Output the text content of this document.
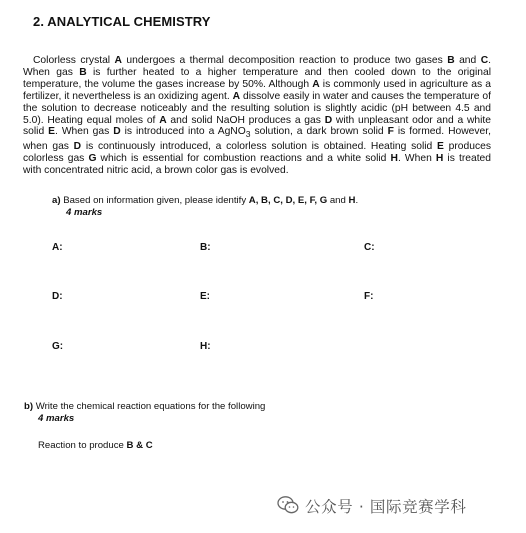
2. ANALYTICAL CHEMISTRY

Colorless crystal A undergoes a thermal decomposition reaction to produce two gases B and C. When gas B is further heated to a higher temperature and then cooled down to the original temperature, the volume the gases increase by 50%. Although A is commonly used in agriculture as a fertilizer, it nevertheless is an oxidizing agent. A dissolve easily in water and causes the temperature of the solution to decrease noticeably and the resulting solution is slightly acidic (pH between 4.5 and 5.0). Heating equal moles of A and solid NaOH produces a gas D with unpleasant odor and a white solid E. When gas D is introduced into a AgNO$_3$ solution, a dark brown solid F is formed. However, when gas D is continuously introduced, a colorless solution is obtained. Heating solid E produces colorless gas G which is essential for combustion reactions and a white solid H. When H is treated with concentrated nitric acid, a brown color gas is evolved.

a) Based on information given, please identify A, B, C, D, E, F, G and H.
4 marks
A:	B:	C:
D:	E:	F:
G:	H:
b) Write the chemical reaction equations for the following
4 marks
Reaction to produce B & C
公众号 · 国际竞赛学科
